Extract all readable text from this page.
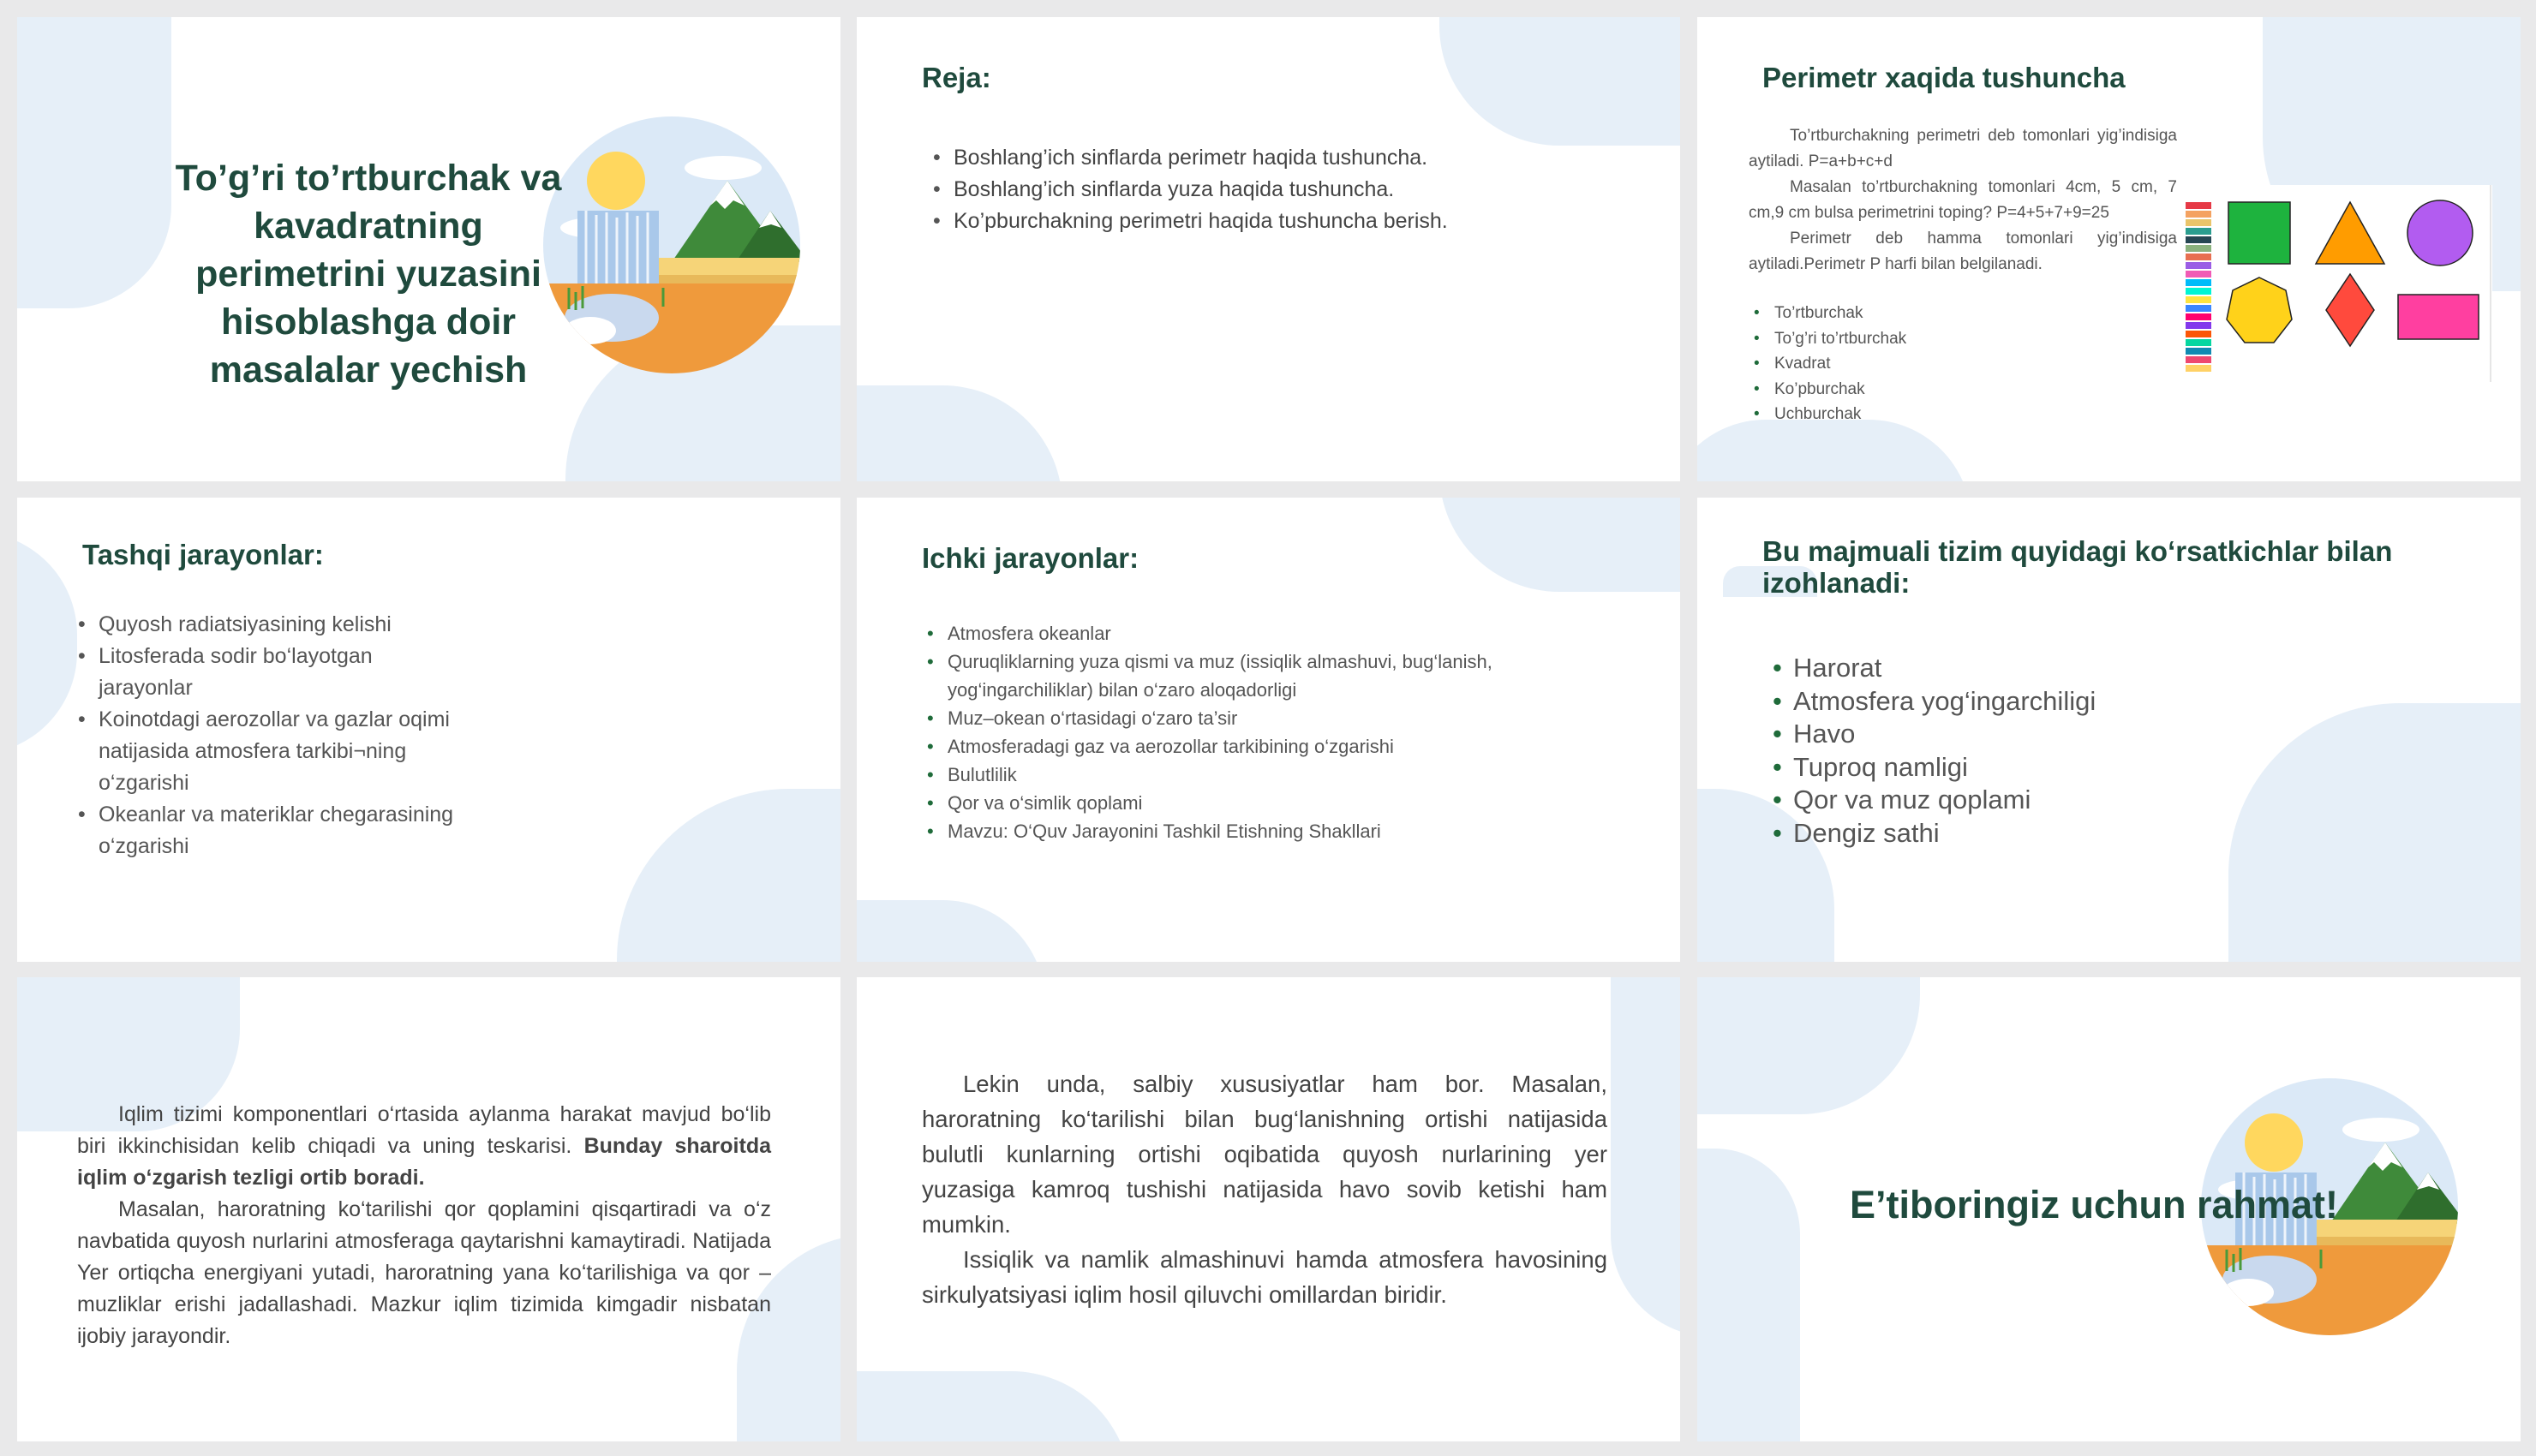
To’g’ri to’rtburchak va kavadratning perimetrini yuzasini hisoblashga doir masalalar yechish
Reja:
• Boshlang’ich sinflarda perimetr haqida tushuncha.
• Boshlang’ich sinflarda yuza haqida tushuncha.
• Ko’pburchakning perimetri haqida tushuncha berish.
Perimetr xaqida tushuncha

To’rtburchakning perimetri deb tomonlari yig’indisiga aytiladi. P=a+b+c+d

Masalan to’rtburchakning tomonlari 4cm, 5 cm, 7 cm,9 cm bulsa perimetrini toping? P=4+5+7+9=25

Perimetr deb hamma tomonlari yig’indisiga aytiladi.Perimetr P harfi bilan belgilanadi.

• To’rtburchak
• To’g’ri to’rtburchak
• Kvadrat
• Ko’pburchak
• Uchburchak
Tashqi jarayonlar:
• Quyosh radiatsiyasining kelishi
• Litosferada sodir bo‘layotgan jarayonlar
• Koinotdagi aerozollar va gazlar oqimi natijasida atmosfera tarkibi¬ning o‘zgarishi
• Okeanlar va materiklar chegarasining o‘zgarishi
Ichki jarayonlar:
• Atmosfera okeanlar
• Quruqliklarning yuza qismi va muz (issiqlik almashuvi, bug‘lanish, yog‘ingarchiliklar) bilan o‘zaro aloqadorligi
• Muz–okean o‘rtasidagi o‘zaro ta’sir
• Atmosferadagi gaz va aerozollar tarkibining o‘zgarishi
• Bulutlilik
• Qor va o‘simlik qoplami
• Mavzu: O‘Quv Jarayonini Tashkil Etishning Shakllari
Bu majmuali tizim quyidagi ko‘rsatkichlar bilan izohlanadi:
• Harorat
• Atmosfera yog‘ingarchiligi
• Havo
• Tuproq namligi
• Qor va muz qoplami
• Dengiz sathi

Iqlim tizimi komponentlari o‘rtasida aylanma harakat mavjud bo‘lib biri ikkinchisidan kelib chiqadi va uning teskarisi. Bunday sharoitda iqlim o‘zgarish tezligi ortib boradi.

Masalan, haroratning ko‘tarilishi qor qoplamini qisqartiradi va o‘z navbatida quyosh nurlarini atmosferaga qaytarishni kamaytiradi. Natijada Yer ortiqcha energiyani yutadi, haroratning yana ko‘tarilishiga va qor – muzliklar erishi jadallashadi. Mazkur iqlim tizimida kimgadir nisbatan ijobiy jarayondir.

Lekin unda, salbiy xususiyatlar ham bor. Masalan, haroratning ko‘tarilishi bilan bug‘lanishning ortishi natijasida bulutli kunlarning ortishi oqibatida quyosh nurlarining yer yuzasiga kamroq tushishi natijasida havo sovib ketishi ham mumkin.

Issiqlik va namlik almashinuvi hamda atmosfera havosining sirkulyatsiyasi iqlim hosil qiluvchi omillardan biridir.

E’tiboringiz uchun rahmat!
